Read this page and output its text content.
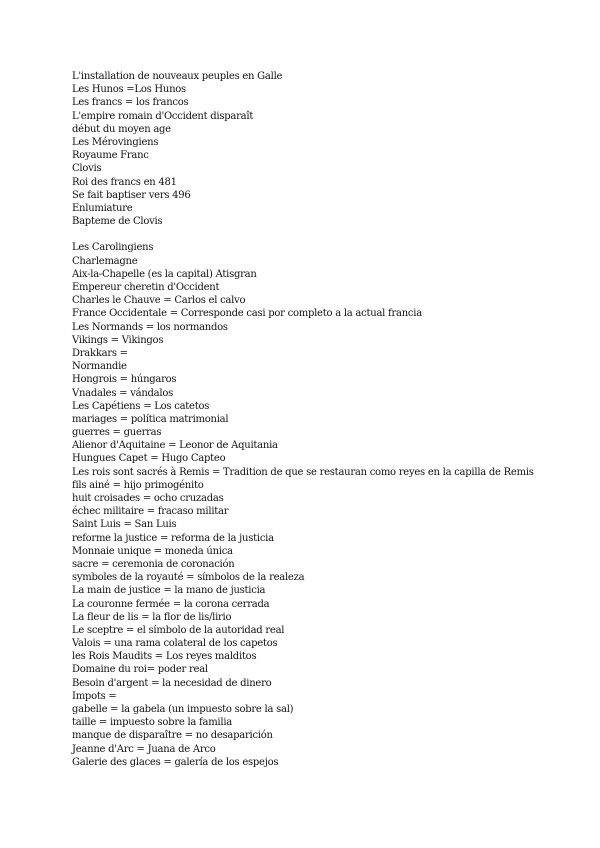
L'installation de nouveaux peuples en Galle
Les Hunos =Los Hunos
Les francs = los francos
L'empire romain d'Occident disparaît
début du moyen age
Les Mérovingiens
Royaume Franc
Clovis
Roi des francs en 481
Se fait baptiser vers 496
Enlumiature
Bapteme de Clovis
Les Carolingiens
Charlemagne
Aix-la-Chapelle (es la capital) Atisgran
Empereur cheretin d'Occident
Charles le Chauve = Carlos el calvo
France Occidentale = Corresponde casi por completo a la actual francia
Les Normands = los normandos
Vikings = Vikingos
Drakkars =
Normandie
Hongrois = húngaros
Vnadales = vándalos
Les Capétiens = Los catetos
mariages = política matrimonial
guerres = guerras
Alienor d'Aquitaine = Leonor de Aquitania
Hungues Capet = Hugo Capteo
Les rois sont sacrés à Remis = Tradition de que se restauran como reyes en la capilla de Remis
fils ainé = hijo primogénito
huit croisades = ocho cruzadas
échec militaire = fracaso militar
Saint Luis = San Luis
reforme la justice = reforma de la justicia
Monnaie unique = moneda única
sacre = ceremonia de coronación
symboles de la royauté = símbolos de la realeza
La main de justice = la mano de justicia
La couronne fermée = la corona cerrada
La fleur de lis = la flor de lis/lirio
Le sceptre = el símbolo de la autoridad real
Valois = una rama colateral de los capetos
les Rois Maudits = Los reyes malditos
Domaine du roi= poder real
Besoin d'argent = la necesidad de dinero
Impots =
gabelle = la gabela (un impuesto sobre la sal)
taille = impuesto sobre la familia
manque de disparaître = no desaparición
Jeanne d'Arc = Juana de Arco
Galerie des glaces = galería de los espejos
